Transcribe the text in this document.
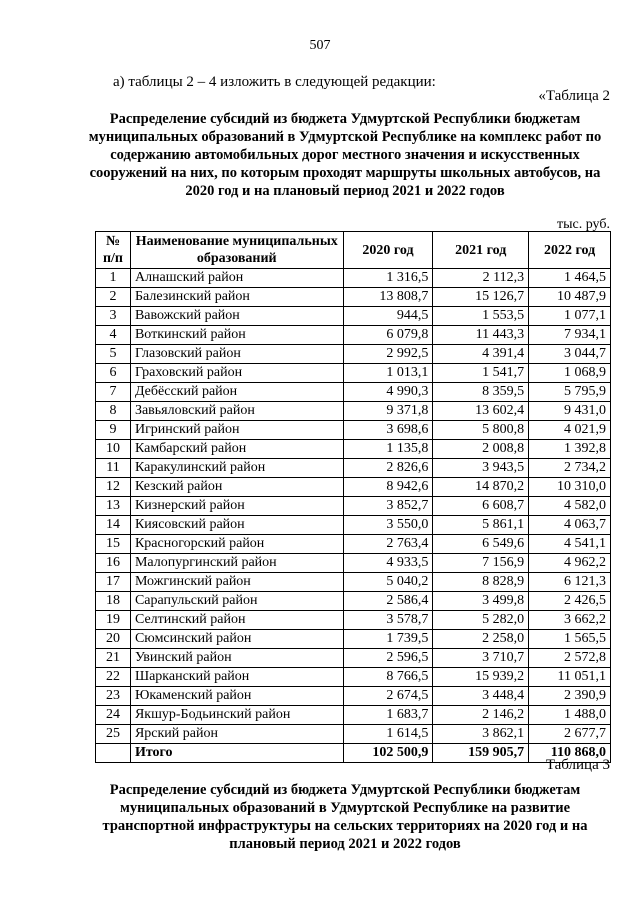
507
а) таблицы 2 – 4 изложить в следующей редакции:
«Таблица 2
Распределение субсидий из бюджета Удмуртской Республики бюджетам муниципальных образований в Удмуртской Республике на комплекс работ по содержанию автомобильных дорог местного значения и искусственных сооружений на них, по которым проходят маршруты школьных автобусов, на 2020 год и на плановый период 2021 и 2022 годов
тыс. руб.
№ п/п	Наименование муниципальных образований	2020 год	2021 год	2022 год
1	Алнашский район	1 316,5	2 112,3	1 464,5
2	Балезинский район	13 808,7	15 126,7	10 487,9
3	Вавожский район	944,5	1 553,5	1 077,1
4	Воткинский район	6 079,8	11 443,3	7 934,1
5	Глазовский район	2 992,5	4 391,4	3 044,7
6	Граховский район	1 013,1	1 541,7	1 068,9
7	Дебёсский район	4 990,3	8 359,5	5 795,9
8	Завьяловский район	9 371,8	13 602,4	9 431,0
9	Игринский район	3 698,6	5 800,8	4 021,9
10	Камбарский район	1 135,8	2 008,8	1 392,8
11	Каракулинский район	2 826,6	3 943,5	2 734,2
12	Кезский район	8 942,6	14 870,2	10 310,0
13	Кизнерский район	3 852,7	6 608,7	4 582,0
14	Киясовский район	3 550,0	5 861,1	4 063,7
15	Красногорский район	2 763,4	6 549,6	4 541,1
16	Малопургинский район	4 933,5	7 156,9	4 962,2
17	Можгинский район	5 040,2	8 828,9	6 121,3
18	Сарапульский район	2 586,4	3 499,8	2 426,5
19	Селтинский район	3 578,7	5 282,0	3 662,2
20	Сюмсинский район	1 739,5	2 258,0	1 565,5
21	Увинский район	2 596,5	3 710,7	2 572,8
22	Шарканский район	8 766,5	15 939,2	11 051,1
23	Юкаменский район	2 674,5	3 448,4	2 390,9
24	Якшур-Бодьинский район	1 683,7	2 146,2	1 488,0
25	Ярский район	1 614,5	3 862,1	2 677,7
	Итого	102 500,9	159 905,7	110 868,0
Таблица 3
Распределение субсидий из бюджета Удмуртской Республики бюджетам муниципальных образований в Удмуртской Республике на развитие транспортной инфраструктуры на сельских территориях на 2020 год и на плановый период 2021 и 2022 годов
